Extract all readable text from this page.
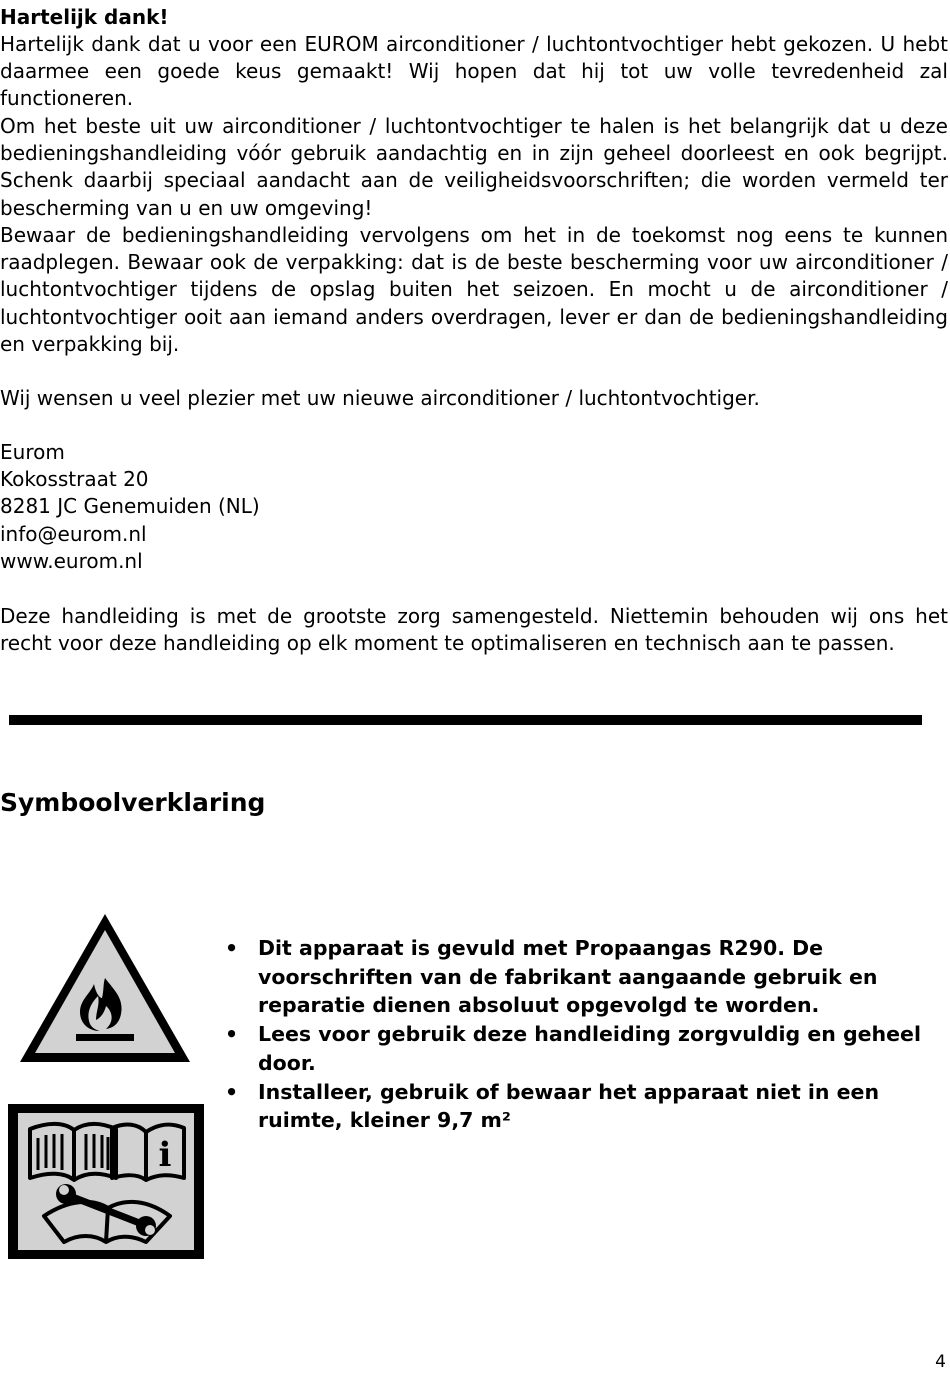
Hartelijk dank!

Hartelijk dank dat u voor een EUROM airconditioner / luchtontvochtiger hebt gekozen. U hebt daarmee een goede keus gemaakt! Wij hopen dat hij tot uw volle tevredenheid zal functioneren.

Om het beste uit uw airconditioner / luchtontvochtiger te halen is het belangrijk dat u deze bedieningshandleiding vóór gebruik aandachtig en in zijn geheel doorleest en ook begrijpt. Schenk daarbij speciaal aandacht aan de veiligheidsvoorschriften; die worden vermeld ter bescherming van u en uw omgeving!

Bewaar de bedieningshandleiding vervolgens om het in de toekomst nog eens te kunnen raadplegen. Bewaar ook de verpakking: dat is de beste bescherming voor uw airconditioner / luchtontvochtiger tijdens de opslag buiten het seizoen. En mocht u de airconditioner / luchtontvochtiger ooit aan iemand anders overdragen, lever er dan de bedieningshandleiding en verpakking bij.

Wij wensen u veel plezier met uw nieuwe airconditioner / luchtontvochtiger.

Eurom
Kokosstraat 20
8281 JC Genemuiden (NL)
info@eurom.nl
www.eurom.nl

Deze handleiding is met de grootste zorg samengesteld. Niettemin behouden wij ons het recht voor deze handleiding op elk moment te optimaliseren en technisch aan te passen.

Symboolverklaring
i
• Dit apparaat is gevuld met Propaangas R290. De voorschriften van de fabrikant aangaande gebruik en reparatie dienen absoluut opgevolgd te worden.
• Lees voor gebruik deze handleiding zorgvuldig en geheel door.
• Installeer, gebruik of bewaar het apparaat niet in een ruimte, kleiner 9,7 m²
4
